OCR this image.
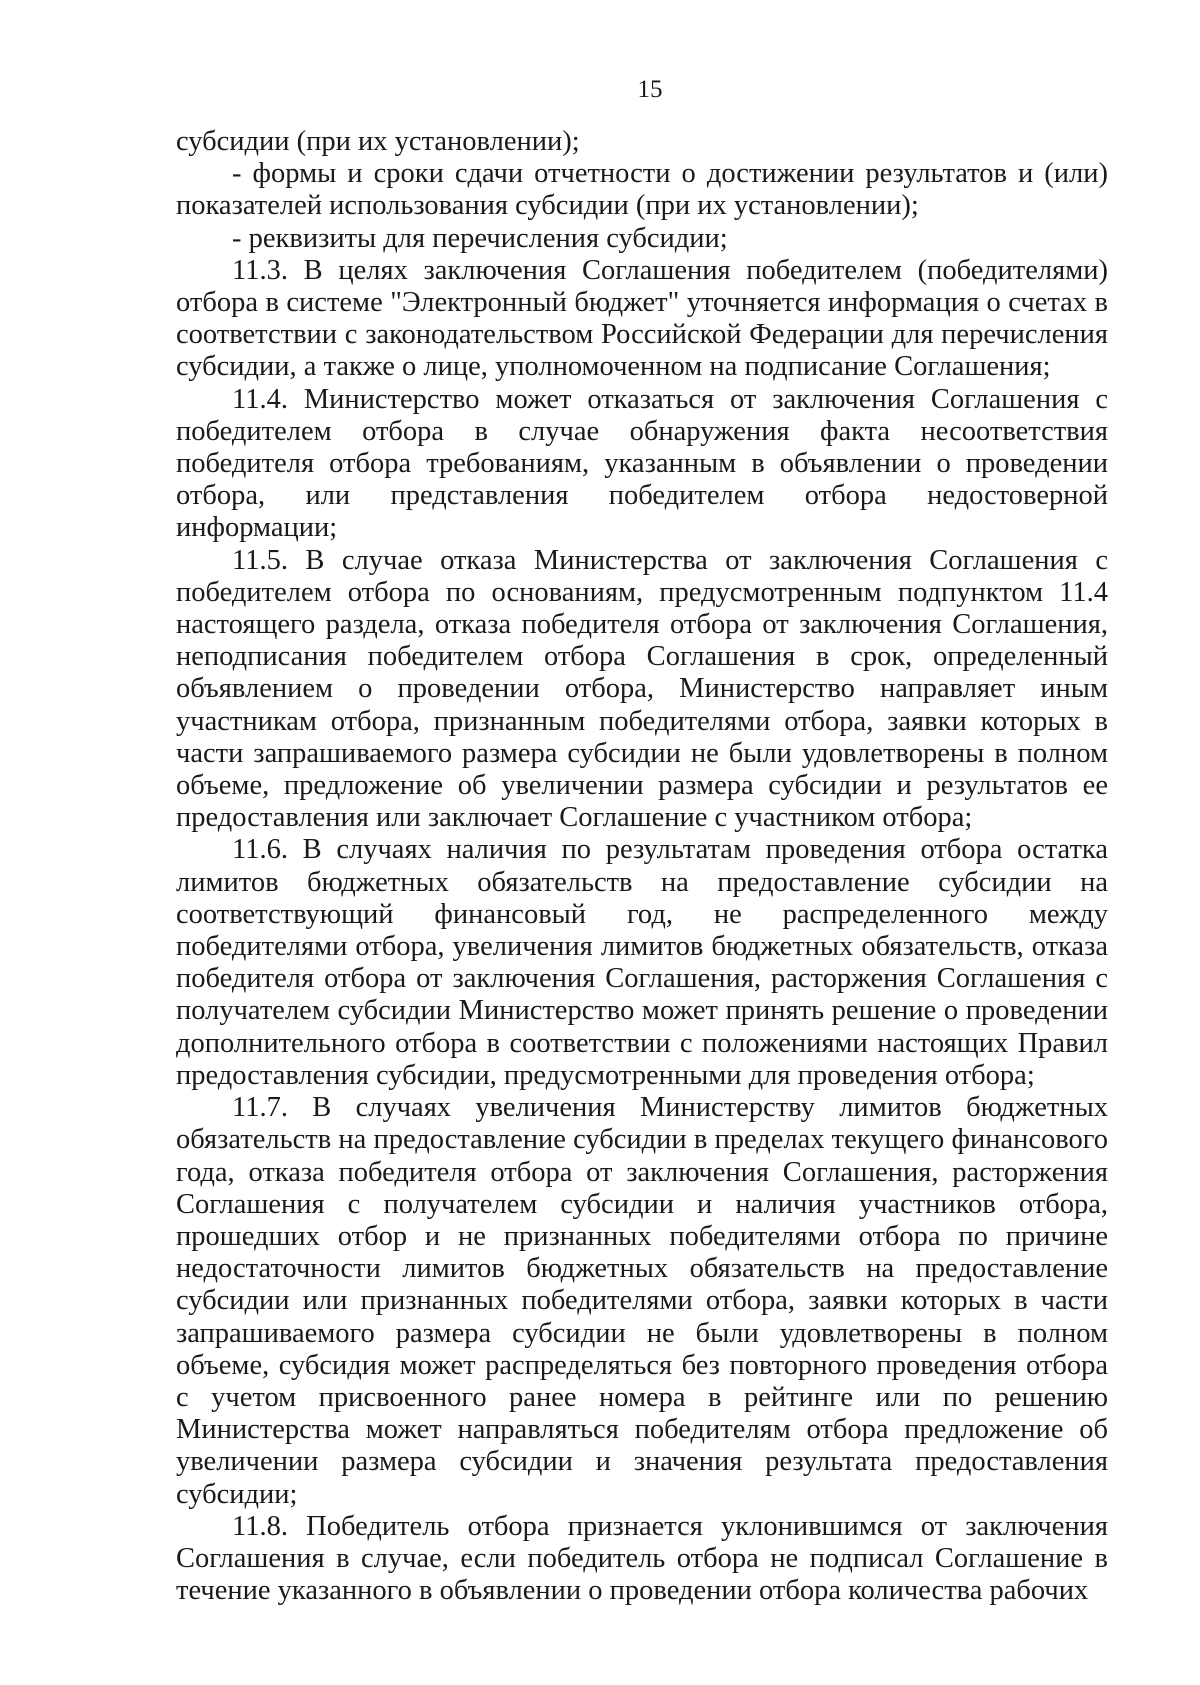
15

субсидии (при их установлении);

- формы и сроки сдачи отчетности о достижении результатов и (или) показателей использования субсидии (при их установлении);

- реквизиты для перечисления субсидии;

11.3. В целях заключения Соглашения победителем (победителями) отбора в системе "Электронный бюджет" уточняется информация о счетах в соответствии с законодательством Российской Федерации для перечисления субсидии, а также о лице, уполномоченном на подписание Соглашения;

11.4. Министерство может отказаться от заключения Соглашения с победителем отбора в случае обнаружения факта несоответствия победителя отбора требованиям, указанным в объявлении о проведении отбора, или представления победителем отбора недостоверной информации;

11.5. В случае отказа Министерства от заключения Соглашения с победителем отбора по основаниям, предусмотренным подпунктом 11.4 настоящего раздела, отказа победителя отбора от заключения Соглашения, неподписания победителем отбора Соглашения в срок, определенный объявлением о проведении отбора, Министерство направляет иным участникам отбора, признанным победителями отбора, заявки которых в части запрашиваемого размера субсидии не были удовлетворены в полном объеме, предложение об увеличении размера субсидии и результатов ее предоставления или заключает Соглашение с участником отбора;

11.6. В случаях наличия по результатам проведения отбора остатка лимитов бюджетных обязательств на предоставление субсидии на соответствующий финансовый год, не распределенного между победителями отбора, увеличения лимитов бюджетных обязательств, отказа победителя отбора от заключения Соглашения, расторжения Соглашения с получателем субсидии Министерство может принять решение о проведении дополнительного отбора в соответствии с положениями настоящих Правил предоставления субсидии, предусмотренными для проведения отбора;

11.7. В случаях увеличения Министерству лимитов бюджетных обязательств на предоставление субсидии в пределах текущего финансового года, отказа победителя отбора от заключения Соглашения, расторжения Соглашения с получателем субсидии и наличия участников отбора, прошедших отбор и не признанных победителями отбора по причине недостаточности лимитов бюджетных обязательств на предоставление субсидии или признанных победителями отбора, заявки которых в части запрашиваемого размера субсидии не были удовлетворены в полном объеме, субсидия может распределяться без повторного проведения отбора с учетом присвоенного ранее номера в рейтинге или по решению Министерства может направляться победителям отбора предложение об увеличении размера субсидии и значения результата предоставления субсидии;

11.8. Победитель отбора признается уклонившимся от заключения Соглашения в случае, если победитель отбора не подписал Соглашение в течение указанного в объявлении о проведении отбора количества рабочих
